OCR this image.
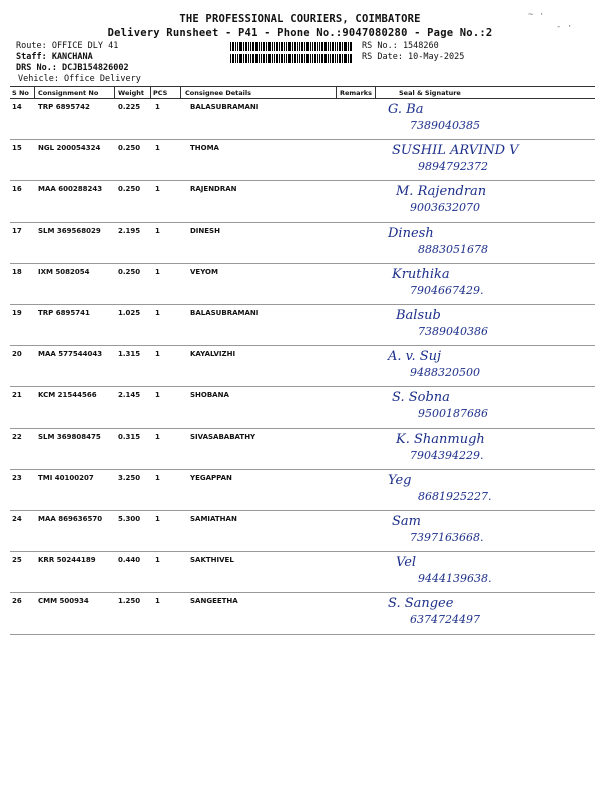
THE PROFESSIONAL COURIERS, COIMBATORE
Delivery Runsheet - P41 - Phone No.:9047080280 - Page No.:2
~ ·
- ·
Route: OFFICE DLY 41
Staff: KANCHANA
DRS No.: DCJB154826002
Vehicle: Office Delivery
RS No.: 1548260
RS Date: 10-May-2025
S No Consignment No	Weight PCS	Consignee Details	Remarks	Seal & Signature
14 TRP 6895742	0.225 1	BALASUBRAMANI	G. Ba
7389040385
15 NGL 200054324	0.250 1	THOMA	SUSHIL ARVIND V
9894792372
16 MAA 600288243 0.250 1	RAJENDRAN	M. Rajendran
9003632070
17 SLM 369568029 2.195 1	DINESH	Dinesh
8883051678
18 IXM 5082054	0.250 1	VEYOM	Kruthika
7904667429.
19 TRP 6895741	1.025 1	BALASUBRAMANI	Balsub
7389040386
20 MAA 577544043 1.315 1	KAYALVIZHI	A. v. Suj
9488320500
21 KCM 21544566	2.145 1	SHOBANA	S. Sobna
9500187686
22 SLM 369808475 0.315 1	SIVASABABATHY	K. Shanmugh
7904394229.
23 TMI 40100207	3.250 1	YEGAPPAN	Yeg
8681925227.
24 MAA 869636570 5.300 1	SAMIATHAN	Sam
7397163668.
25 KRR 50244189	0.440 1	SAKTHIVEL	Vel
9444139638.
26 CMM 500934	1.250 1	SANGEETHA	S. Sangee
6374724497
